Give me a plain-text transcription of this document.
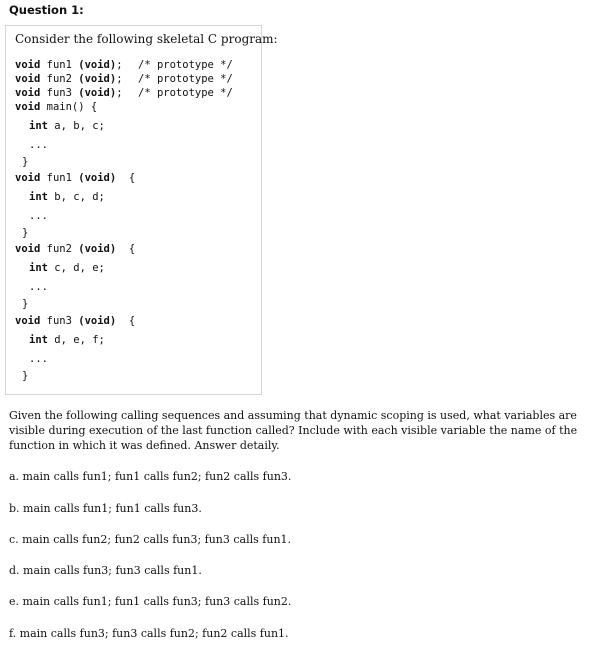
Question 1:
Consider the following skeletal C program:
void fun1 (void); /* prototype */
void fun2 (void); /* prototype */
void fun3 (void); /* prototype */
void main() {
int a, b, c;
...
}
void fun1 (void) {
int b, c, d;
...
}
void fun2 (void) {
int c, d, e;
...
}
void fun3 (void) {
int d, e, f;
...
}
Given the following calling sequences and assuming that dynamic scoping is used, what variables are visible during execution of the last function called? Include with each visible variable the name of the function in which it was defined. Answer detaily.
a. main calls fun1; fun1 calls fun2; fun2 calls fun3.
b. main calls fun1; fun1 calls fun3.
c. main calls fun2; fun2 calls fun3; fun3 calls fun1.
d. main calls fun3; fun3 calls fun1.
e. main calls fun1; fun1 calls fun3; fun3 calls fun2.
f. main calls fun3; fun3 calls fun2; fun2 calls fun1.
